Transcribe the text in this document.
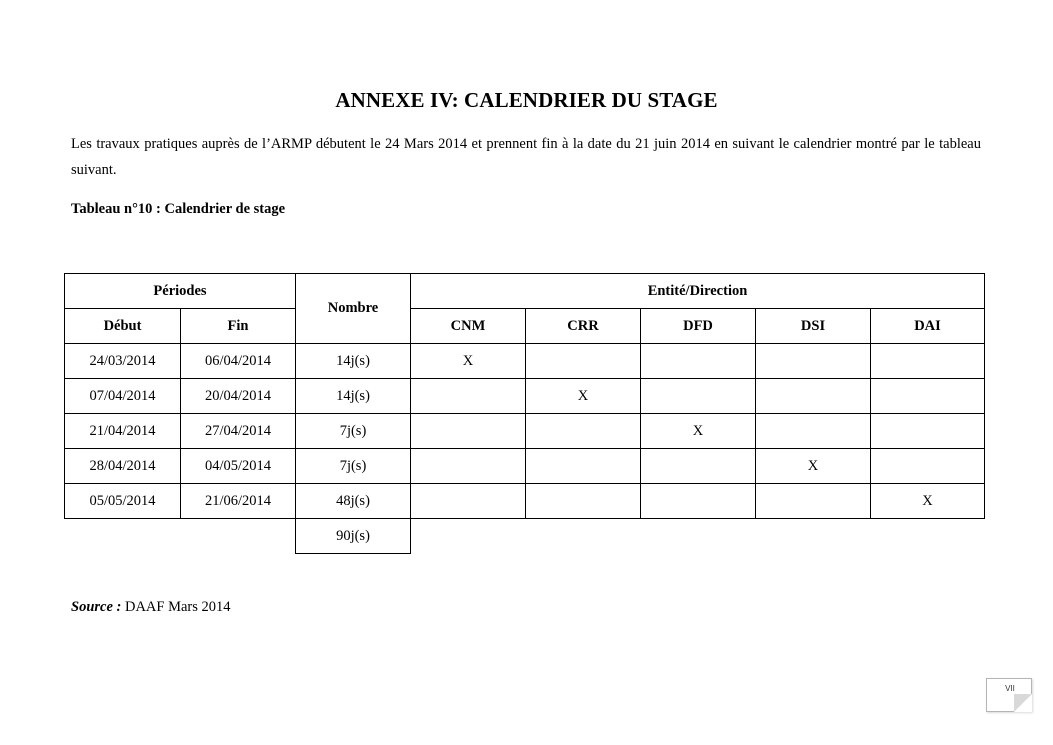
ANNEXE IV: CALENDRIER DU STAGE
Les travaux pratiques auprès de l’ARMP débutent le 24 Mars 2014 et prennent fin à la date du 21 juin 2014 en suivant le calendrier montré par le tableau suivant.
Tableau n°10 : Calendrier de stage
Périodes		Nombre	Entité/Direction				
Début	Fin		CNM	CRR	DFD	DSI	DAI
24/03/2014	06/04/2014	14j(s)	X				
07/04/2014	20/04/2014	14j(s)		X			
21/04/2014	27/04/2014	7j(s)			X		
28/04/2014	04/05/2014	7j(s)				X	
05/05/2014	21/06/2014	48j(s)					X
		90j(s)					
Source : DAAF Mars 2014
VII
